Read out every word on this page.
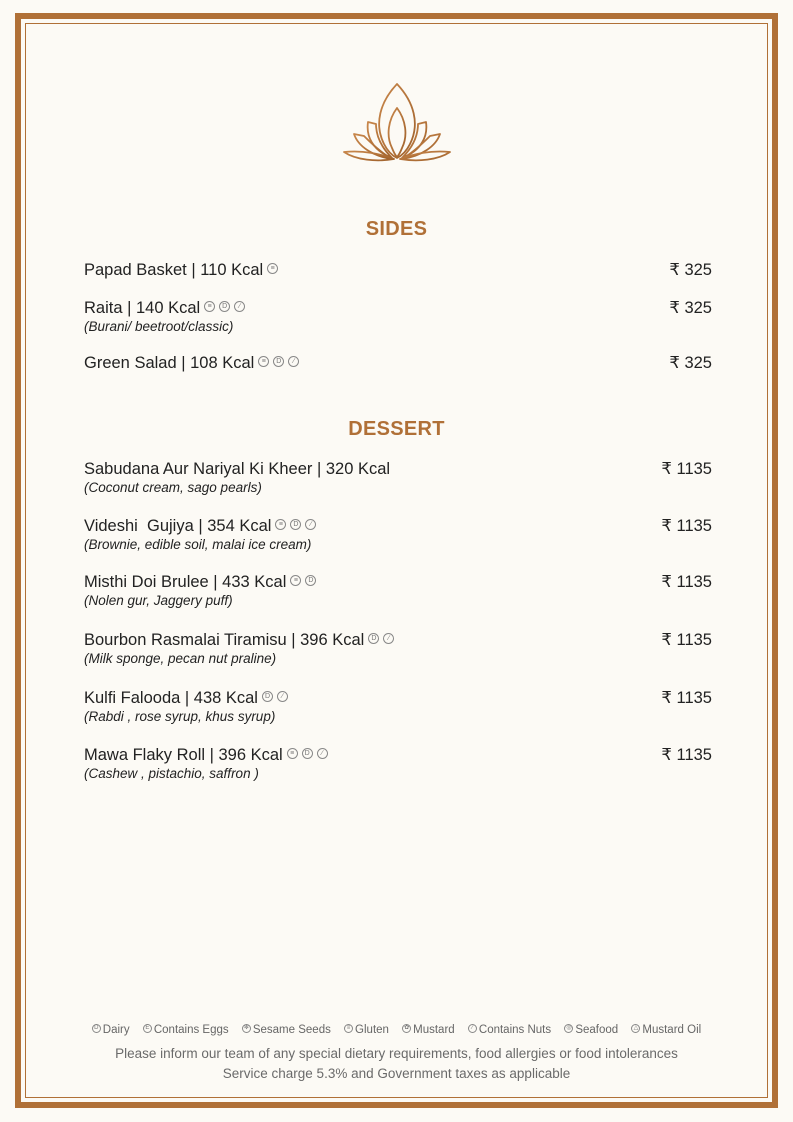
SIDES
Papad Basket | 110 Kcal ≡	₹ 325
Raita | 140 Kcal ≡ D ∕	₹ 325
(Burani/ beetroot/classic)
Green Salad | 108 Kcal ≡ D ∕	₹ 325
DESSERT
Sabudana Aur Nariyal Ki Kheer | 320 Kcal	₹ 1135
(Coconut cream, sago pearls)
Videshi  Gujiya | 354 Kcal ≡ D ∕	₹ 1135
(Brownie, edible soil, malai ice cream)
Misthi Doi Brulee | 433 Kcal ≡ D	₹ 1135
(Nolen gur, Jaggery puff)
Bourbon Rasmalai Tiramisu | 396 Kcal D ∕	₹ 1135
(Milk sponge, pecan nut praline)
Kulfi Falooda | 438 Kcal D ∕	₹ 1135
(Rabdi , rose syrup, khus syrup)
Mawa Flaky Roll | 396 Kcal ≡ D ∕	₹ 1135
(Cashew , pistachio, saffron )
D Dairy	E Contains Eggs	✻ Sesame Seeds	≡ Gluten	✿ Mustard	∕ Contains Nuts	◎ Seafood	△ Mustard Oil
Please inform our team of any special dietary requirements, food allergies or food intolerances
Service charge 5.3% and Government taxes as applicable
